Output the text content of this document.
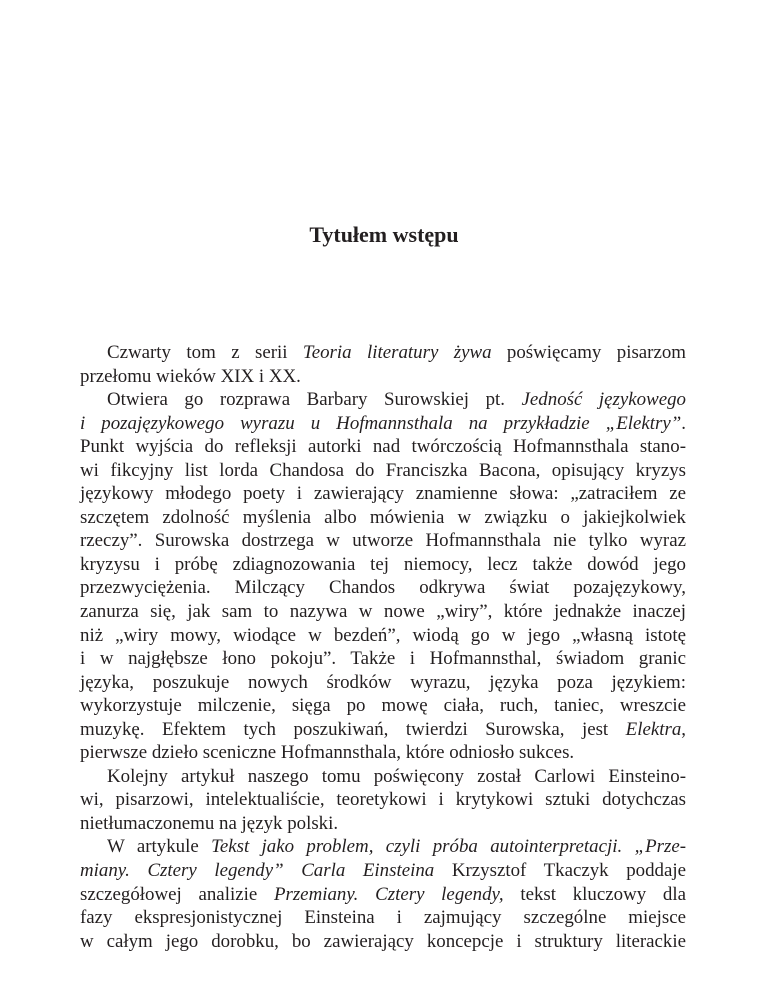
Tytułem wstępu
Czwarty tom z serii Teoria literatury żywa poświęcamy pisarzom
przełomu wieków XIX i XX.
Otwiera go rozprawa Barbary Surowskiej pt. Jedność językowego
i pozajęzykowego wyrazu u Hofmannsthala na przykładzie „Elektry”.
Punkt wyjścia do refleksji autorki nad twórczością Hofmannsthala stano-
wi fikcyjny list lorda Chandosa do Franciszka Bacona, opisujący kryzys
językowy młodego poety i zawierający znamienne słowa: „zatraciłem ze
szczętem zdolność myślenia albo mówienia w związku o jakiejkolwiek
rzeczy”. Surowska dostrzega w utworze Hofmannsthala nie tylko wyraz
kryzysu i próbę zdiagnozowania tej niemocy, lecz także dowód jego
przezwyciężenia. Milczący Chandos odkrywa świat pozajęzykowy,
zanurza się, jak sam to nazywa w nowe „wiry”, które jednakże inaczej
niż „wiry mowy, wiodące w bezdeń”, wiodą go w jego „własną istotę
i w najgłębsze łono pokoju”. Także i Hofmannsthal, świadom granic
języka, poszukuje nowych środków wyrazu, języka poza językiem:
wykorzystuje milczenie, sięga po mowę ciała, ruch, taniec, wreszcie
muzykę. Efektem tych poszukiwań, twierdzi Surowska, jest Elektra,
pierwsze dzieło sceniczne Hofmannsthala, które odniosło sukces.
Kolejny artykuł naszego tomu poświęcony został Carlowi Einsteino-
wi, pisarzowi, intelektualiście, teoretykowi i krytykowi sztuki dotychczas
nietłumaczonemu na język polski.
W artykule Tekst jako problem, czyli próba autointerpretacji. „Prze-
miany. Cztery legendy” Carla Einsteina Krzysztof Tkaczyk poddaje
szczegółowej analizie Przemiany. Cztery legendy, tekst kluczowy dla
fazy ekspresjonistycznej Einsteina i zajmujący szczególne miejsce
w całym jego dorobku, bo zawierający koncepcje i struktury literackie
